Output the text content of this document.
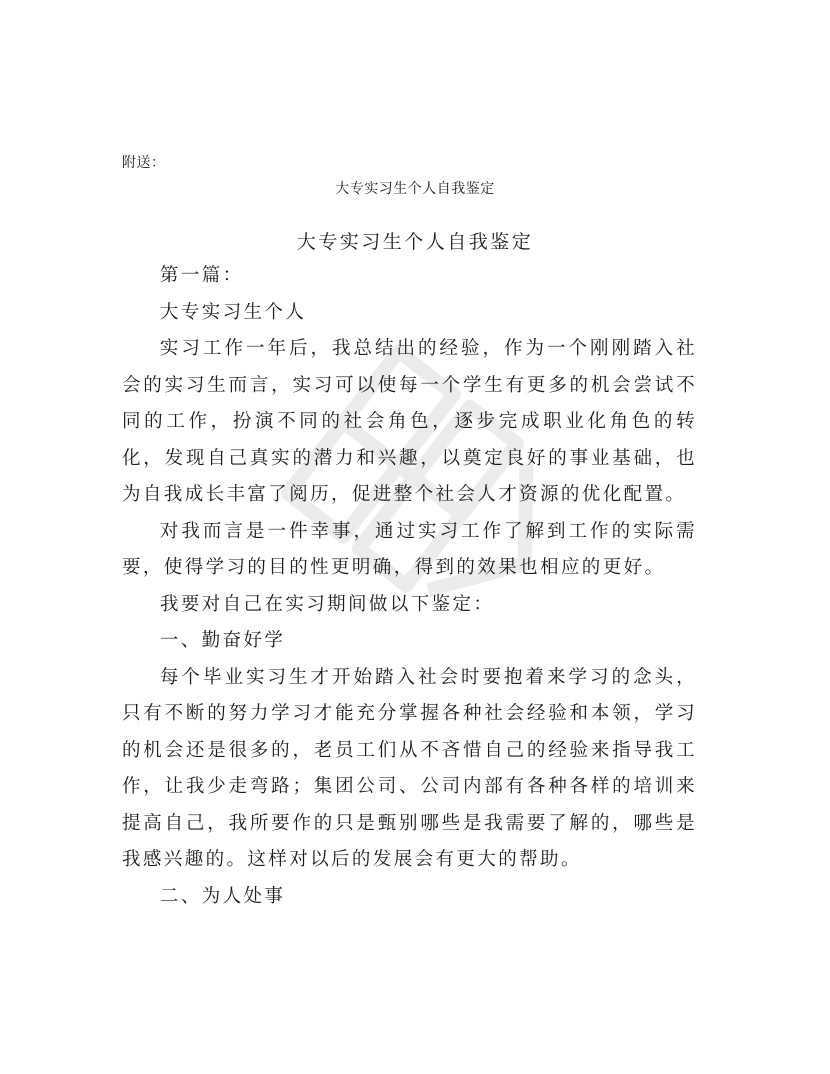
附送：
大专实习生个人自我鉴定
大专实习生个人自我鉴定

第一篇：

大专实习生个人

实习工作一年后，我总结出的经验，作为一个刚刚踏入社会的实习生而言，实习可以使每一个学生有更多的机会尝试不同的工作，扮演不同的社会角色，逐步完成职业化角色的转化，发现自己真实的潜力和兴趣，以奠定良好的事业基础，也为自我成长丰富了阅历，促进整个社会人才资源的优化配置。

对我而言是一件幸事，通过实习工作了解到工作的实际需要，使得学习的目的性更明确，得到的效果也相应的更好。

我要对自己在实习期间做以下鉴定：

一、勤奋好学

每个毕业实习生才开始踏入社会时要抱着来学习的念头，只有不断的努力学习才能充分掌握各种社会经验和本领，学习的机会还是很多的，老员工们从不吝惜自己的经验来指导我工作，让我少走弯路；集团公司、公司内部有各种各样的培训来提高自己，我所要作的只是甄别哪些是我需要了解的，哪些是我感兴趣的。这样对以后的发展会有更大的帮助。

二、为人处事
